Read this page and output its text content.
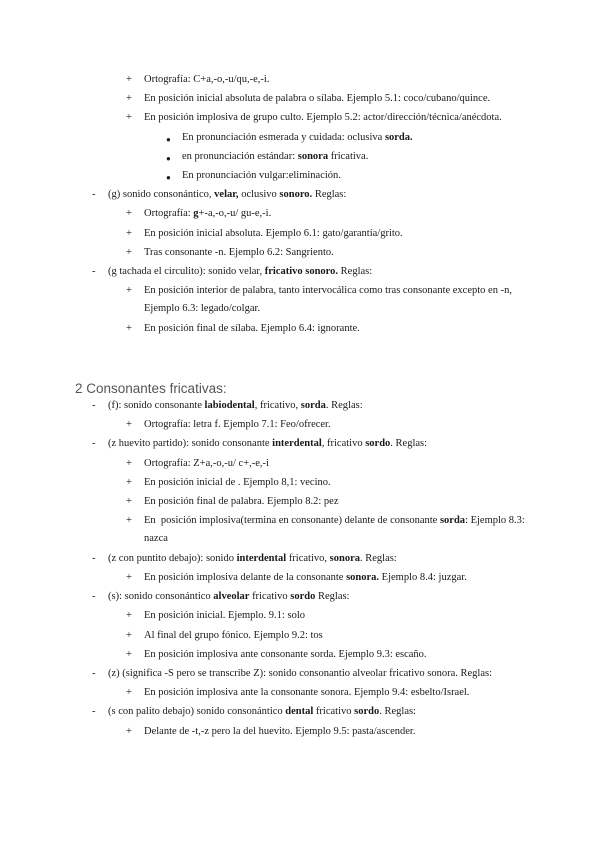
+ Ortografía: C+a,-o,-u/qu,-e,-i.
+ En posición inicial absoluta de palabra o sílaba. Ejemplo 5.1: coco/cubano/quince.
+ En posición implosiva de grupo culto. Ejemplo 5.2: actor/dirección/técnica/anécdota.
● En pronunciación esmerada y cuidada: oclusiva sorda.
● en pronunciación estándar: sonora fricativa.
● En pronunciación vulgar:eliminación.
- (g) sonido consonántico, velar, oclusivo sonoro. Reglas:
+ Ortografía: g+-a,-o,-u/ gu-e,-i.
+ En posición inicial absoluta. Ejemplo 6.1: gato/garantía/grito.
+ Tras consonante -n. Ejemplo 6.2: Sangriento.
- (g tachada el circulito): sonido velar, fricativo sonoro. Reglas:
+ En posición interior de palabra, tanto intervocálica como tras consonante excepto en -n, Ejemplo 6.3: legado/colgar.
+ En posición final de sílaba. Ejemplo 6.4: ignorante.
2 Consonantes fricativas:
- (f): sonido consonante labiodental, fricativo, sorda. Reglas:
+ Ortografía: letra f. Ejemplo 7.1: Feo/ofrecer.
- (z huevito partido): sonido consonante interdental, fricativo sordo. Reglas:
+ Ortografía: Z+a,-o,-u/ c+,-e,-i
+ En posición inicial de . Ejemplo 8,1: vecino.
+ En posición final de palabra. Ejemplo 8.2: pez
+ En  posición implosiva(termina en consonante) delante de consonante sorda: Ejemplo 8.3: nazca
- (z con puntito debajo): sonido interdental fricativo, sonora. Reglas:
+ En posición implosiva delante de la consonante sonora. Ejemplo 8.4: juzgar.
- (s): sonido consonántico alveolar fricativo sordo Reglas:
+ En posición inicial. Ejemplo. 9.1: solo
+ Al final del grupo fónico. Ejemplo 9.2: tos
+ En posición implosiva ante consonante sorda. Ejemplo 9.3: escaño.
- (z) (significa -S pero se transcribe Z): sonido consonantio alveolar fricativo sonora. Reglas:
+ En posición implosiva ante la consonante sonora. Ejemplo 9.4: esbelto/Israel.
- (s con palito debajo) sonido consonántico dental fricativo sordo. Reglas:
+ Delante de -t,-z pero la del huevito. Ejemplo 9.5: pasta/ascender.
